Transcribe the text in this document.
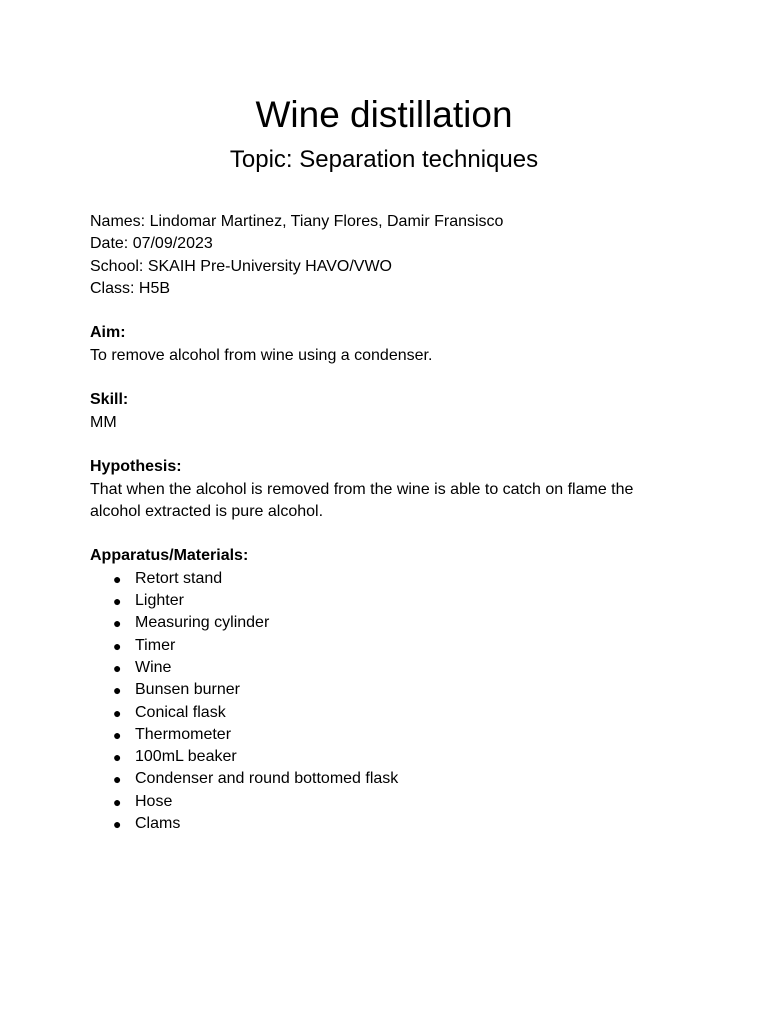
Wine distillation
Topic: Separation techniques
Names: Lindomar Martinez, Tiany Flores, Damir Fransisco
Date: 07/09/2023
School: SKAIH Pre-University HAVO/VWO
Class: H5B
Aim:
To remove alcohol from wine using a condenser.
Skill:
MM
Hypothesis:
That when the alcohol is removed from the wine is able to catch on flame the alcohol extracted is pure alcohol.
Apparatus/Materials:
● Retort stand
● Lighter
● Measuring cylinder
● Timer
● Wine
● Bunsen burner
● Conical flask
● Thermometer
● 100mL beaker
● Condenser and round bottomed flask
● Hose
● Clams
